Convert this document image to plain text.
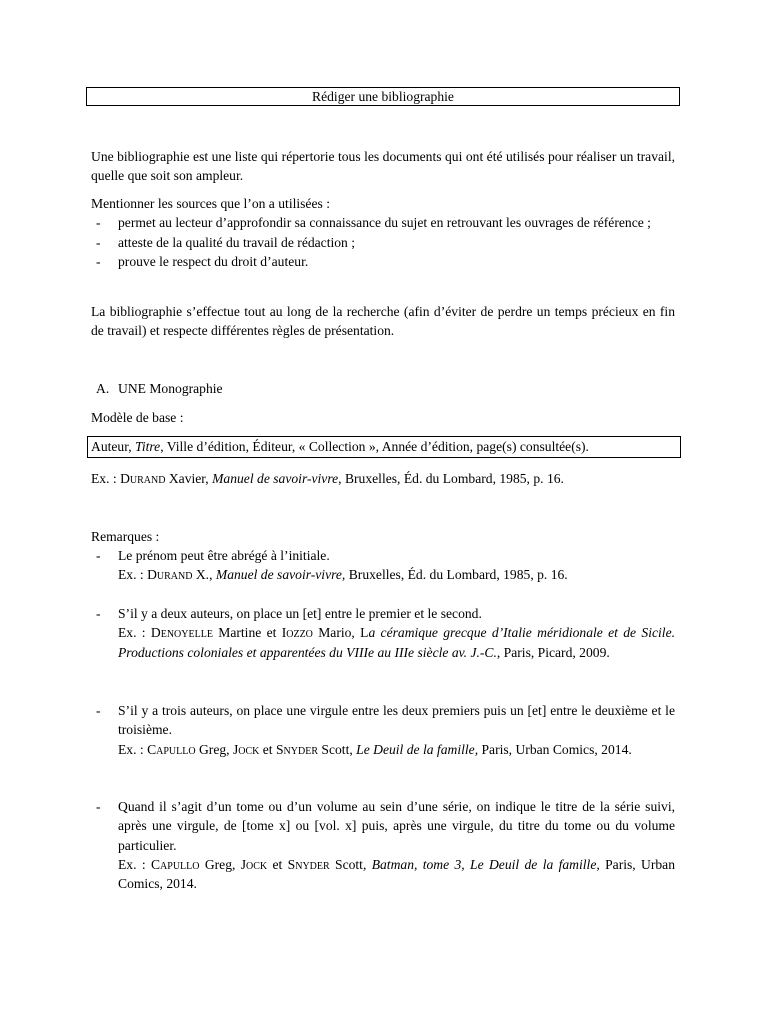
Rédiger une bibliographie
Une bibliographie est une liste qui répertorie tous les documents qui ont été utilisés pour réaliser un travail, quelle que soit son ampleur.
Mentionner les sources que l’on a utilisées :
- permet au lecteur d’approfondir sa connaissance du sujet en retrouvant les ouvrages de référence ;
- atteste de la qualité du travail de rédaction ;
- prouve le respect du droit d’auteur.
La bibliographie s’effectue tout au long de la recherche (afin d’éviter de perdre un temps précieux en fin de travail) et respecte différentes règles de présentation.
A. UNE Monographie
Modèle de base :
Auteur, Titre, Ville d’édition, Éditeur, « Collection », Année d’édition, page(s) consultée(s).
Ex. : Durand Xavier, Manuel de savoir-vivre, Bruxelles, Éd. du Lombard, 1985, p. 16.
Remarques :
- Le prénom peut être abrégé à l’initiale.
Ex. : Durand X., Manuel de savoir-vivre, Bruxelles, Éd. du Lombard, 1985, p. 16.
- S’il y a deux auteurs, on place un [et] entre le premier et le second.
Ex. : Denoyelle Martine et Iozzo Mario, La céramique grecque d’Italie méridionale et de Sicile. Productions coloniales et apparentées du VIIIe au IIIe siècle av. J.-C., Paris, Picard, 2009.
- S’il y a trois auteurs, on place une virgule entre les deux premiers puis un [et] entre le deuxième et le troisième.
Ex. : Capullo Greg, Jock et Snyder Scott, Le Deuil de la famille, Paris, Urban Comics, 2014.
- Quand il s’agit d’un tome ou d’un volume au sein d’une série, on indique le titre de la série suivi, après une virgule, de [tome x] ou [vol. x] puis, après une virgule, du titre du tome ou du volume particulier.
Ex. : Capullo Greg, Jock et Snyder Scott, Batman, tome 3, Le Deuil de la famille, Paris, Urban Comics, 2014.
